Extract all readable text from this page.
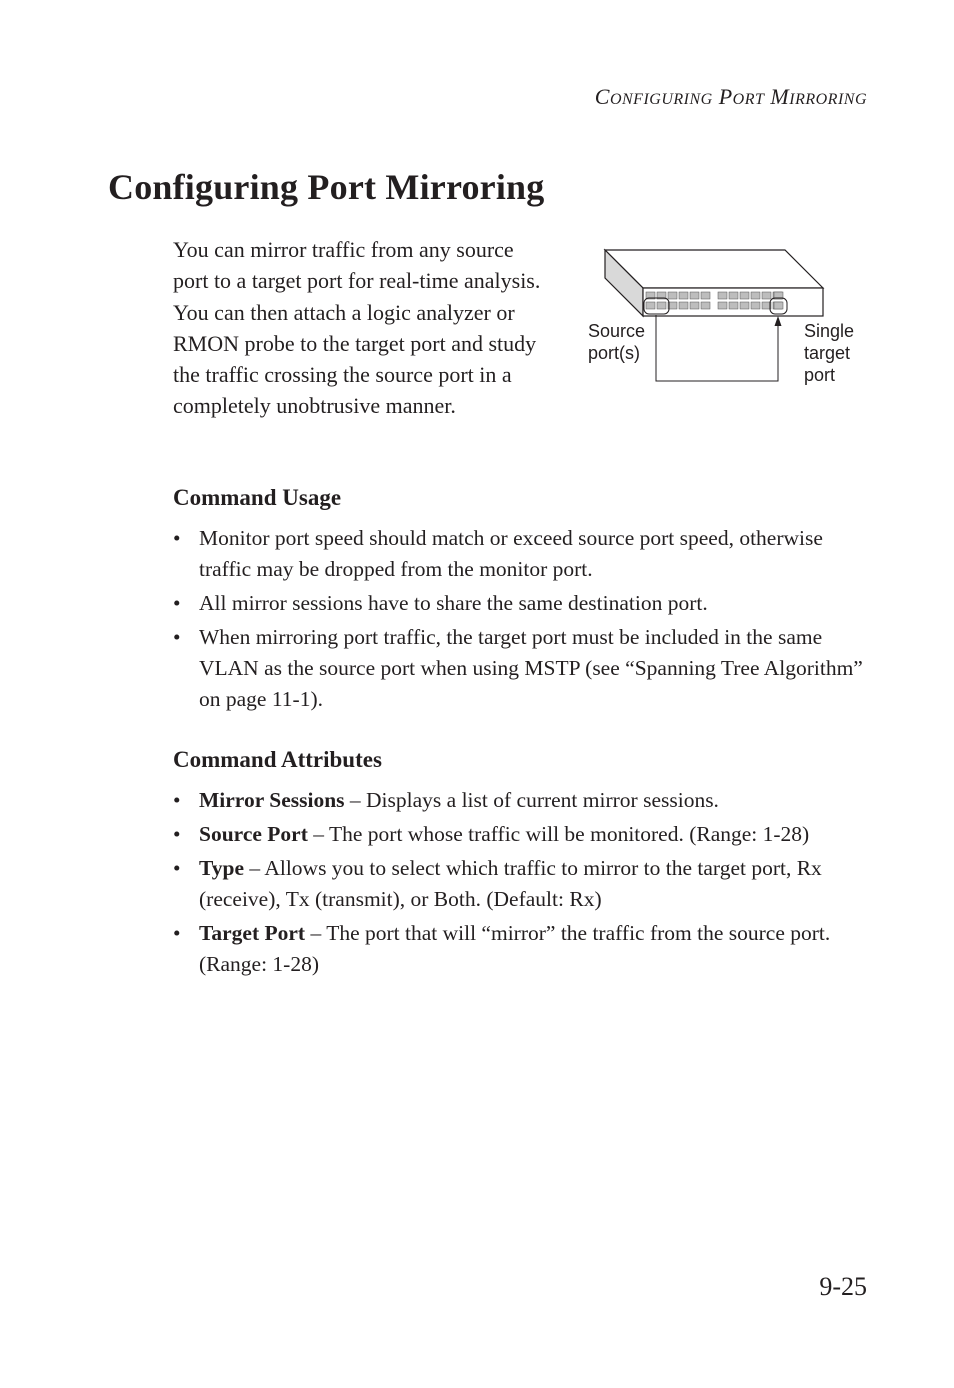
CONFIGURING PORT MIRRORING
Configuring Port Mirroring

You can mirror traffic from any source port to a target port for real-time analysis. You can then attach a logic analyzer or RMON probe to the target port and study the traffic crossing the source port in a completely unobtrusive manner.

Source
port(s)
Single
target
port
Command Usage
• Monitor port speed should match or exceed source port speed, otherwise traffic may be dropped from the monitor port.
• All mirror sessions have to share the same destination port.
• When mirroring port traffic, the target port must be included in the same VLAN as the source port when using MSTP (see “Spanning Tree Algorithm” on page 11-1).
Command Attributes
• Mirror Sessions – Displays a list of current mirror sessions.
• Source Port – The port whose traffic will be monitored. (Range: 1-28)
• Type – Allows you to select which traffic to mirror to the target port, Rx (receive), Tx (transmit), or Both. (Default: Rx)
• Target Port – The port that will “mirror” the traffic from the source port. (Range: 1-28)
9-25
